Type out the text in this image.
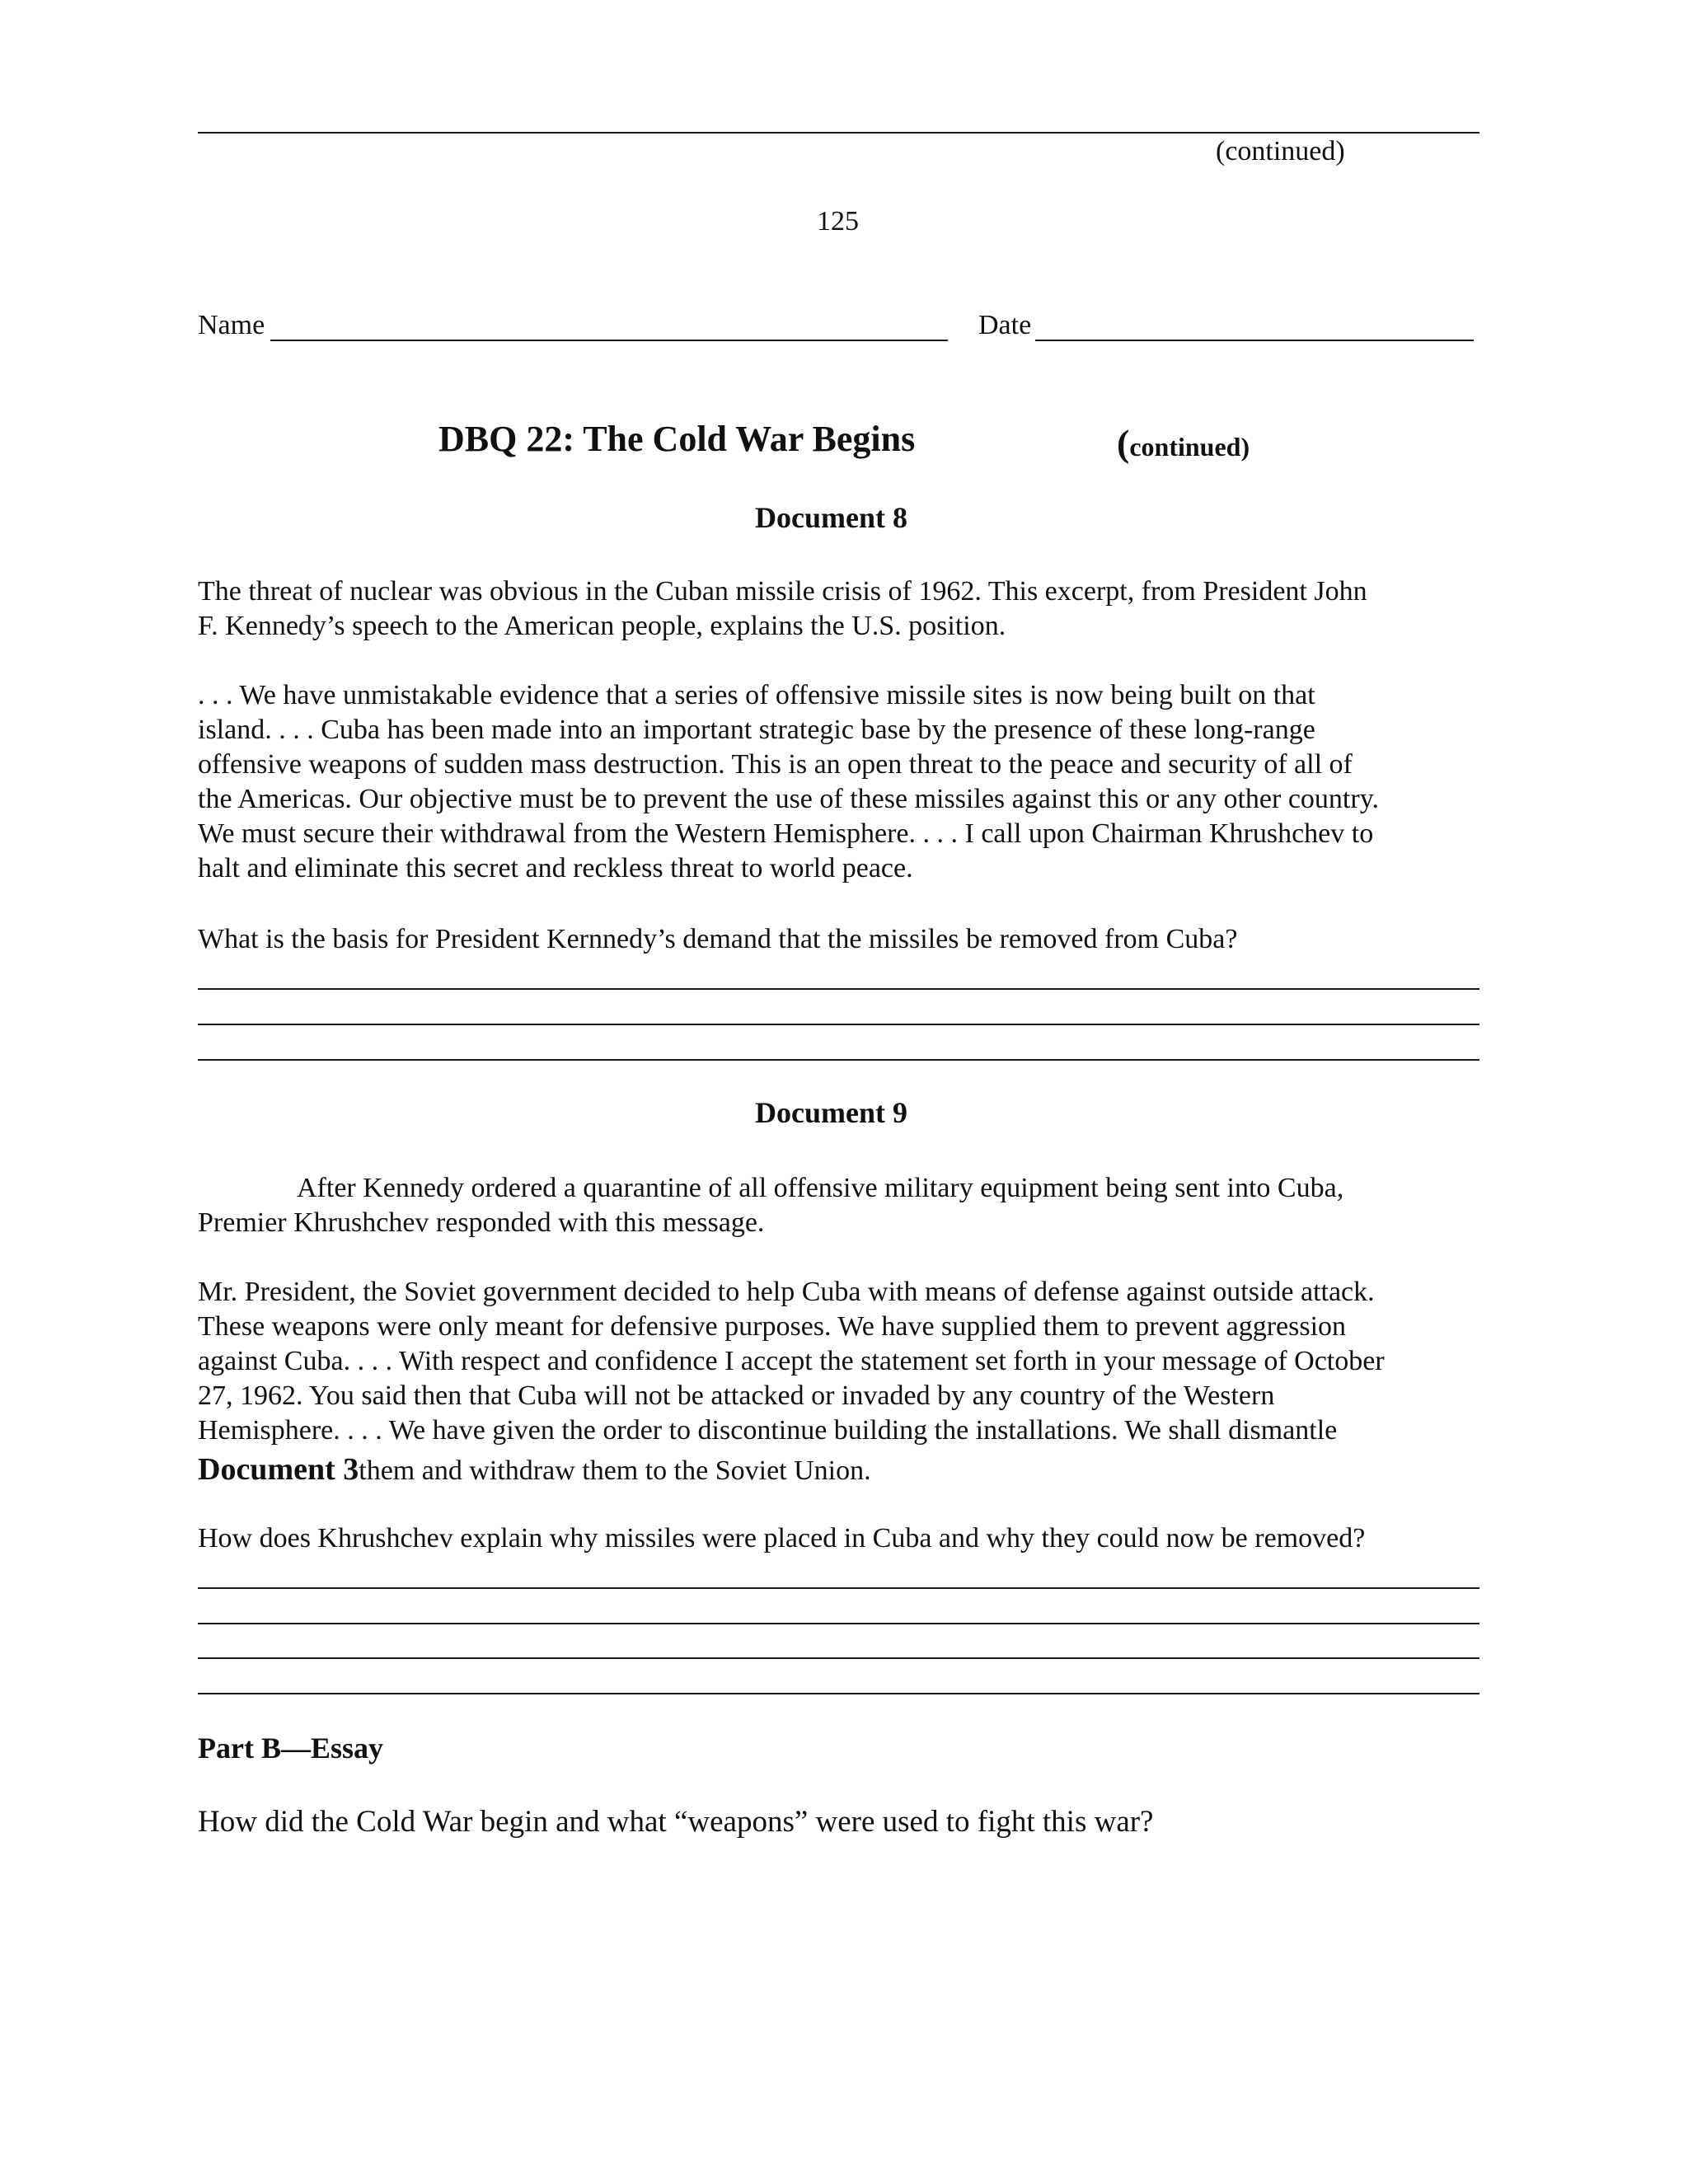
(continued)

125

Name	Date

DBQ 22: The Cold War Begins	(continued)

Document 8

The threat of nuclear was obvious in the Cuban missile crisis of 1962. This excerpt, from President John
F. Kennedy’s speech to the American people, explains the U.S. position.
. . . We have unmistakable evidence that a series of offensive missile sites is now being built on that
island. . . . Cuba has been made into an important strategic base by the presence of these long-range
offensive weapons of sudden mass destruction. This is an open threat to the peace and security of all of
the Americas. Our objective must be to prevent the use of these missiles against this or any other country.
We must secure their withdrawal from the Western Hemisphere. . . . I call upon Chairman Khrushchev to
halt and eliminate this secret and reckless threat to world peace.

What is the basis for President Kernnedy’s demand that the missiles be removed from Cuba?

Document 9

After Kennedy ordered a quarantine of all offensive military equipment being sent into Cuba,
Premier Khrushchev responded with this message.
Mr. President, the Soviet government decided to help Cuba with means of defense against outside attack.
These weapons were only meant for defensive purposes. We have supplied them to prevent aggression
against Cuba. . . . With respect and confidence I accept the statement set forth in your message of October
27, 1962. You said then that Cuba will not be attacked or invaded by any country of the Western
Hemisphere. . . . We have given the order to discontinue building the installations. We shall dismantle

Document 3them and withdraw them to the Soviet Union.

How does Khrushchev explain why missiles were placed in Cuba and why they could now be removed?

Part B—Essay

How did the Cold War begin and what “weapons” were used to fight this war?
